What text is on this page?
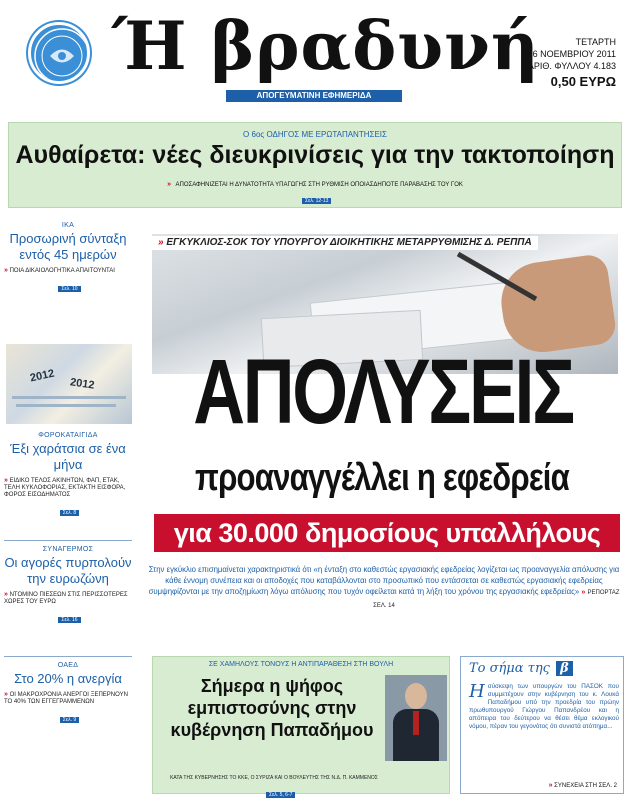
Ή βραδυνή
ΑΠΟΓΕΥΜΑΤΙΝΗ ΕΦΗΜΕΡΙΔΑ
ΤΕΤΑΡΤΗ
16 ΝΟΕΜΒΡΙΟΥ 2011
ΑΡΙΘ. ΦΥΛΛΟΥ 4.183
0,50 ΕΥΡΩ
Ο 6ος ΟΔΗΓΟΣ ΜΕ ΕΡΩΤΑΠΑΝΤΗΣΕΙΣ
Αυθαίρετα: νέες διευκρινίσεις για την τακτοποίηση
» ΑΠΟΣΑΦΗΝΙΖΕΤΑΙ Η ΔΥΝΑΤΟΤΗΤΑ ΥΠΑΓΩΓΗΣ ΣΤΗ ΡΥΘΜΙΣΗ ΟΠΟΙΑΣΔΗΠΟΤΕ ΠΑΡΑΒΑΣΗΣ ΤΟΥ ΓΟΚ
Σελ. 12-13
ΙΚΑ
Προσωρινή σύνταξη εντός 45 ημερών
» ΠΟΙΑ ΔΙΚΑΙΟΛΟΓΗΤΙΚΑ ΑΠΑΙΤΟΥΝΤΑΙ
Σελ. 10
2012 2012
ΦΟΡΟΚΑΤΑΙΓΙΔΑ
Έξι χαράτσια σε ένα μήνα
» ΕΙΔΙΚΟ ΤΕΛΟΣ ΑΚΙΝΗΤΩΝ, ΦΑΠ, ΕΤΑΚ, ΤΕΛΗ ΚΥΚΛΟΦΟΡΙΑΣ, ΕΚΤΑΚΤΗ ΕΙΣΦΟΡΑ, ΦΟΡΟΣ ΕΙΣΟΔΗΜΑΤΟΣ
Σελ. 8
ΣΥΝΑΓΕΡΜΟΣ
Οι αγορές πυρπολούν την ευρωζώνη
» ΝΤΟΜΙΝΟ ΠΙΕΣΕΩΝ ΣΤΙΣ ΠΕΡΙΣΣΟΤΕΡΕΣ ΧΩΡΕΣ ΤΟΥ ΕΥΡΩ
Σελ. 16
ΟΑΕΔ
Στο 20% η ανεργία
» ΟΙ ΜΑΚΡΟΧΡΟΝΙΑ ΑΝΕΡΓΟΙ ΞΕΠΕΡΝΟΥΝ ΤΟ 40% ΤΩΝ ΕΓΓΕΓΡΑΜΜΕΝΩΝ
Σελ. 9
» ΕΓΚΥΚΛΙΟΣ-ΣΟΚ ΤΟΥ ΥΠΟΥΡΓΟΥ ΔΙΟΙΚΗΤΙΚΗΣ ΜΕΤΑΡΡΥΘΜΙΣΗΣ Δ. ΡΕΠΠΑ
ΑΠΟΛΥΣΕΙΣ
προαναγγέλλει η εφεδρεία
για 30.000 δημοσίους υπαλλήλους
Στην εγκύκλιο επισημαίνεται χαρακτηριστικά ότι «η ένταξη στο καθεστώς εργασιακής εφεδρείας λογίζεται ως προαναγγελία απόλυσης για κάθε έννομη συνέπεια και οι αποδοχές που καταβάλλονται στο προσωπικό που εντάσσεται σε καθεστώς εργασιακής εφεδρείας συμψηφίζονται με την αποζημίωση λόγω απόλυσης που τυχόν οφείλεται κατά τη λήξη του χρόνου της εργασιακής εφεδρείας» » ΡΕΠΟΡΤΑΖ ΣΕΛ. 14
ΣΕ ΧΑΜΗΛΟΥΣ ΤΟΝΟΥΣ Η ΑΝΤΙΠΑΡΑΘΕΣΗ ΣΤΗ ΒΟΥΛΗ
Σήμερα η ψήφος εμπιστοσύνης στην κυβέρνηση Παπαδήμου
ΚΑΤΑ ΤΗΣ ΚΥΒΕΡΝΗΣΗΣ ΤΟ ΚΚΕ, Ο ΣΥΡΙΖΑ ΚΑΙ Ο ΒΟΥΛΕΥΤΗΣ ΤΗΣ Ν.Δ. Π. ΚΑΜΜΕΝΟΣ
Σελ. 5, 6-7
Το σήμα της β
Η σύσκεψη των υπουργών του ΠΑΣΟΚ που συμμετέχουν στην κυβέρνηση του κ. Λουκά Παπαδήμου υπό την προεδρία του πρώην πρωθυπουργού Γιώργου Παπανδρέου και η απόπειρα του δεύτερου να θέσει θέμα εκλογικού νόμου, πέραν του γεγονότος ότι συνιστά ατόπημα...
» ΣΥΝΕΧΕΙΑ ΣΤΗ ΣΕΛ. 2
